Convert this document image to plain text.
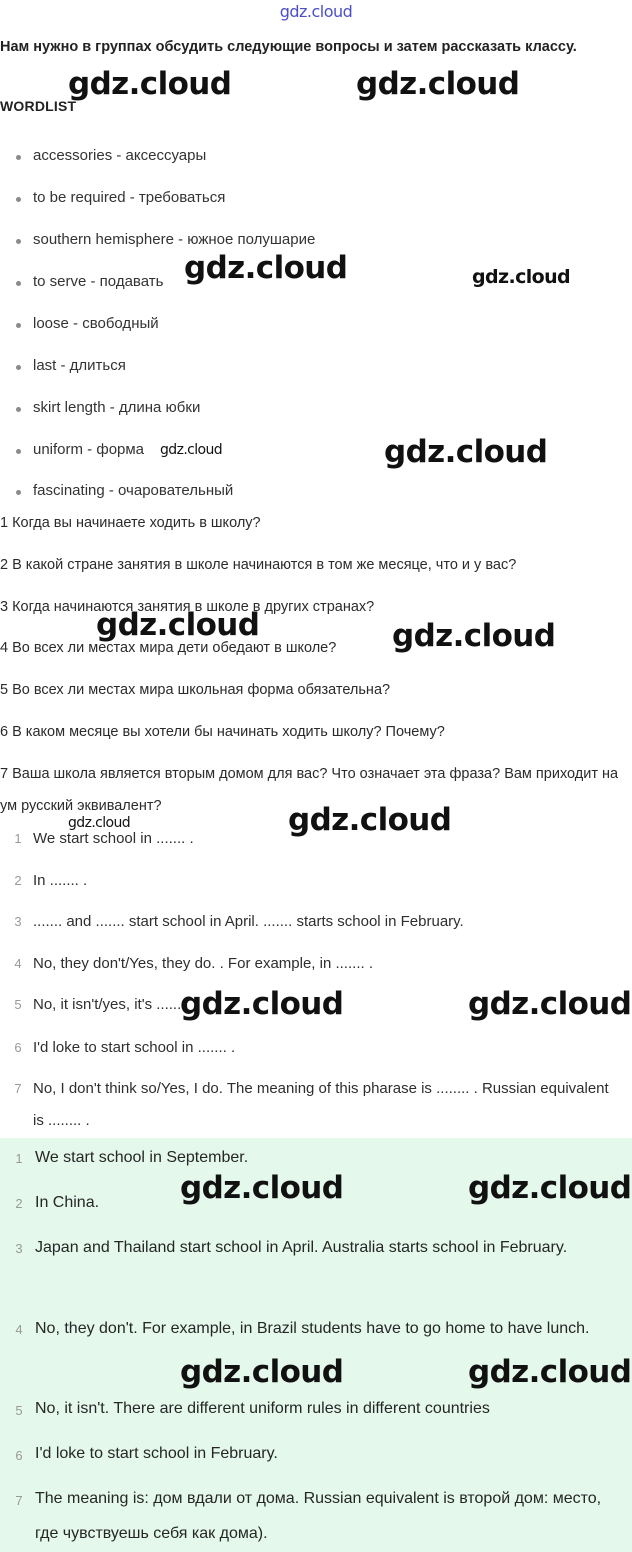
gdz.cloud
Нам нужно в группах обсудить следующие вопросы и затем рассказать классу.
WORDLIST
accessories - аксессуары
to be required - требоваться
southern hemisphere - южное полушарие
to serve - подавать
loose - свободный
last - длиться
skirt length - длина юбки
uniform - форма
fascinating - очаровательный
1 Когда вы начинаете ходить в школу?
2 В какой стране занятия в школе начинаются в том же месяце, что и у вас?
3 Когда начинаются занятия в школе в других странах?
4 Во всех ли местах мира дети обедают в школе?
5 Во всех ли местах мира школьная форма обязательна?
6 В каком месяце вы хотели бы начинать ходить школу? Почему?
7 Ваша школа является вторым домом для вас? Что означает эта фраза? Вам приходит на ум русский эквивалент?
1 We start school in ....... .
2 In ....... .
3 ....... and ....... start school in April. ....... starts school in February.
4 No, they don't/Yes, they do. . For example, in ....... .
5 No, it isn't/yes, it's .......
6 I'd loke to start school in ....... .
7 No, I don't think so/Yes, I do. The meaning of this pharase is ........ . Russian equivalent is ........ .
1 We start school in September.
2 In China.
3 Japan and Thailand start school in April. Australia starts school in February.
4 No, they don't. For example, in Brazil students have to go home to have lunch.
5 No, it isn't. There are different uniform rules in different countries
6 I'd loke to start school in February.
7 The meaning is: дом вдали от дома. Russian equivalent is второй дом: место, где чувствуешь себя как дома).
gdz.cloud	gdz.cloud
gdz.cloud	gdz.cloud
gdz.cloud	gdz.cloud
gdz.cloud	gdz.cloud
gdz.cloud	gdz.cloud
gdz.cloud	gdz.cloud
gdz.cloud	gdz.cloud
gdz.cloud	gdz.cloud
